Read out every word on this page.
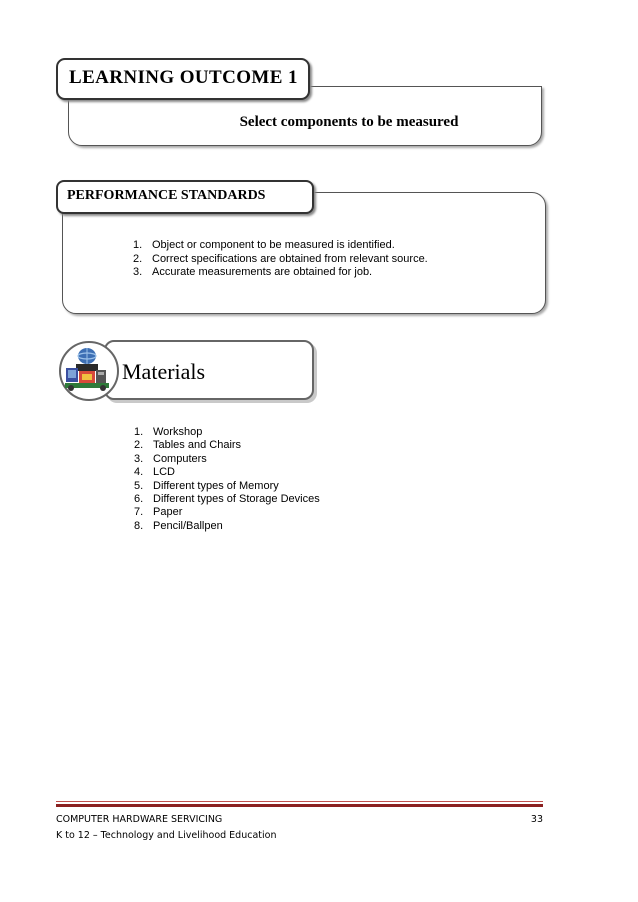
Select components to be measured
LEARNING OUTCOME 1
PERFORMANCE STANDARDS
1. Object or component to be measured is identified.
2. Correct specifications are obtained from relevant source.
3. Accurate measurements are obtained for job.
Materials
1. Workshop
2. Tables and Chairs
3. Computers
4. LCD
5. Different types of Memory
6. Different types of Storage Devices
7. Paper
8. Pencil/Ballpen
COMPUTER HARDWARE SERVICING	33
K to 12 – Technology and Livelihood Education
